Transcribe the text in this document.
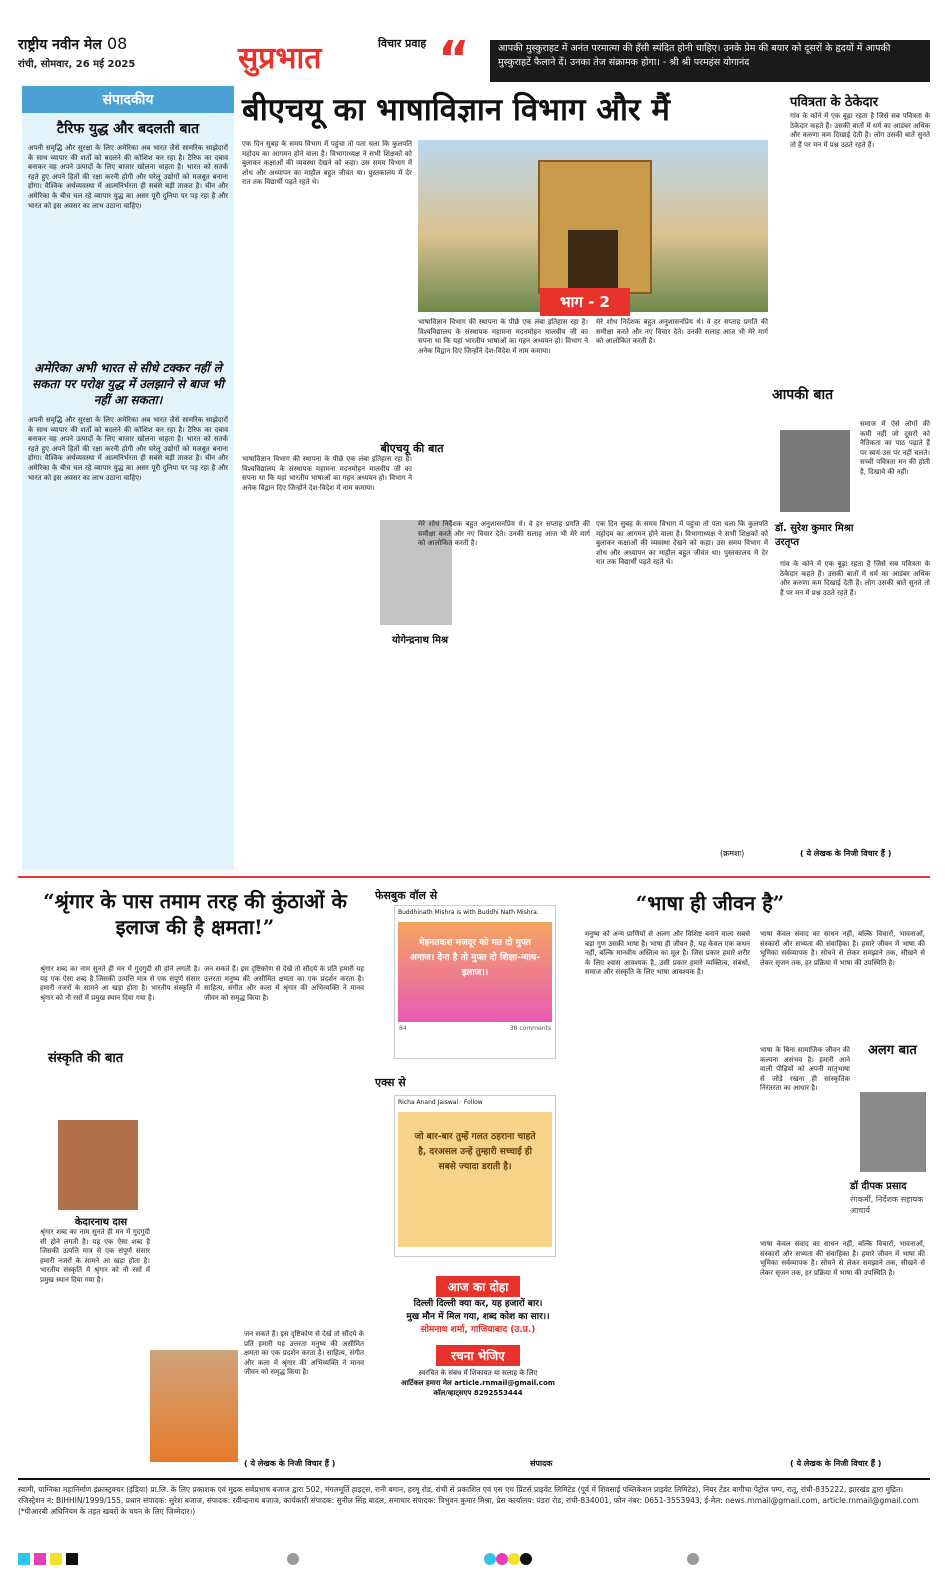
राष्ट्रीय नवीन मेल 08
रांची, सोमवार, 26 मई 2025	सुप्रभात	विचार प्रवाह “	आपकी मुस्कुराहट में अनंत परमात्मा की हँसी स्पंदित होनी चाहिए। उनके प्रेम की बयार को दूसरों के हृदयों में आपकी मुस्कुराहटें फैलाने दें। उनका तेज संक्रामक होगा। - श्री श्री परमहंस योगानंद
संपादकीय
टैरिफ युद्ध और बदलती बात
अपनी समृद्धि और सुरक्षा के लिए अमेरिका अब भारत जैसे सामरिक साझेदारों के साथ व्यापार की शर्तों को बदलने की कोशिश कर रहा है। टैरिफ का दबाव बनाकर वह अपने उत्पादों के लिए बाजार खोलना चाहता है। भारत को सतर्क रहते हुए अपने हितों की रक्षा करनी होगी और घरेलू उद्योगों को मजबूत बनाना होगा। वैश्विक अर्थव्यवस्था में आत्मनिर्भरता ही सबसे बड़ी ताकत है। चीन और अमेरिका के बीच चल रहे व्यापार युद्ध का असर पूरी दुनिया पर पड़ रहा है और भारत को इस अवसर का लाभ उठाना चाहिए।
अमेरिका अभी भारत से सीधे टक्कर नहीं ले सकता पर परोक्ष युद्ध में उलझाने से बाज भी नहीं आ सकता।
अपनी समृद्धि और सुरक्षा के लिए अमेरिका अब भारत जैसे सामरिक साझेदारों के साथ व्यापार की शर्तों को बदलने की कोशिश कर रहा है। टैरिफ का दबाव बनाकर वह अपने उत्पादों के लिए बाजार खोलना चाहता है। भारत को सतर्क रहते हुए अपने हितों की रक्षा करनी होगी और घरेलू उद्योगों को मजबूत बनाना होगा। वैश्विक अर्थव्यवस्था में आत्मनिर्भरता ही सबसे बड़ी ताकत है। चीन और अमेरिका के बीच चल रहे व्यापार युद्ध का असर पूरी दुनिया पर पड़ रहा है और भारत को इस अवसर का लाभ उठाना चाहिए।
बीएचयू का भाषाविज्ञान विभाग और मैं
एक दिन सुबह के समय विभाग में पहुंचा तो पता चला कि कुलपति महोदय का आगमन होने वाला है। विभागाध्यक्ष ने सभी शिक्षकों को बुलाकर कक्षाओं की व्यवस्था देखने को कहा। उस समय विभाग में शोध और अध्यापन का माहौल बहुत जीवंत था। पुस्तकालय में देर रात तक विद्यार्थी पढ़ते रहते थे।
भाग - 2
भाषाविज्ञान विभाग की स्थापना के पीछे एक लंबा इतिहास रहा है। विश्वविद्यालय के संस्थापक महामना मदनमोहन मालवीय जी का सपना था कि यहां भारतीय भाषाओं का गहन अध्ययन हो। विभाग ने अनेक विद्वान दिए जिन्होंने देश-विदेश में नाम कमाया।
मेरे शोध निर्देशक बहुत अनुशासनप्रिय थे। वे हर सप्ताह प्रगति की समीक्षा करते और नए विचार देते। उनकी सलाह आज भी मेरे मार्ग को आलोकित करती है।
भाषाविज्ञान विभाग की स्थापना के पीछे एक लंबा इतिहास रहा है। विश्वविद्यालय के संस्थापक महामना मदनमोहन मालवीय जी का सपना था कि यहां भारतीय भाषाओं का गहन अध्ययन हो। विभाग ने अनेक विद्वान दिए जिन्होंने देश-विदेश में नाम कमाया।
बीएचयू की बात
योगेन्द्रनाथ मिश्र
मेरे शोध निर्देशक बहुत अनुशासनप्रिय थे। वे हर सप्ताह प्रगति की समीक्षा करते और नए विचार देते। उनकी सलाह आज भी मेरे मार्ग को आलोकित करती है।
एक दिन सुबह के समय विभाग में पहुंचा तो पता चला कि कुलपति महोदय का आगमन होने वाला है। विभागाध्यक्ष ने सभी शिक्षकों को बुलाकर कक्षाओं की व्यवस्था देखने को कहा। उस समय विभाग में शोध और अध्यापन का माहौल बहुत जीवंत था। पुस्तकालय में देर रात तक विद्यार्थी पढ़ते रहते थे।
(क्रमशः)
पवित्रता के ठेकेदार
गांव के कोने में एक बूढ़ा रहता है जिसे सब पवित्रता के ठेकेदार कहते हैं। उसकी बातों में धर्म का आडंबर अधिक और करुणा कम दिखाई देती है। लोग उसकी बातें सुनते तो हैं पर मन में प्रश्न उठते रहते हैं।
आपकी बात
डॉ. सुरेश कुमार मिश्रा उरतृप्त
समाज में ऐसे लोगों की कमी नहीं जो दूसरों को नैतिकता का पाठ पढ़ाते हैं पर स्वयं उस पर नहीं चलते। सच्ची पवित्रता मन की होती है, दिखावे की नहीं।
गांव के कोने में एक बूढ़ा रहता है जिसे सब पवित्रता के ठेकेदार कहते हैं। उसकी बातों में धर्म का आडंबर अधिक और करुणा कम दिखाई देती है। लोग उसकी बातें सुनते तो हैं पर मन में प्रश्न उठते रहते हैं।
( ये लेखक के निजी विचार हैं )
“श्रृंगार के पास तमाम तरह की कुंठाओं के इलाज की है क्षमता!”
श्रृंगार शब्द का नाम सुनते ही मन में गुदगुदी सी होने लगती है। यह एक ऐसा शब्द है जिसकी उत्पत्ति मात्र से एक संपूर्ण संसार हमारी नजरों के सामने आ खड़ा होता है। भारतीय संस्कृति में श्रृंगार को नौ रसों में प्रमुख स्थान दिया गया है।
जन सकते हैं। इस दृष्टिकोण से देखें तो सौंदर्य के प्रति हमारी यह उत्तरता मनुष्य की असीमित क्षमता का एक प्रदर्शन करता है। साहित्य, संगीत और कला में श्रृंगार की अभिव्यक्ति ने मानव जीवन को समृद्ध किया है।
संस्कृति की बात
केदारनाथ दास
श्रृंगार शब्द का नाम सुनते ही मन में गुदगुदी सी होने लगती है। यह एक ऐसा शब्द है जिसकी उत्पत्ति मात्र से एक संपूर्ण संसार हमारी नजरों के सामने आ खड़ा होता है। भारतीय संस्कृति में श्रृंगार को नौ रसों में प्रमुख स्थान दिया गया है।
जन सकते हैं। इस दृष्टिकोण से देखें तो सौंदर्य के प्रति हमारी यह उत्तरता मनुष्य की असीमित क्षमता का एक प्रदर्शन करता है। साहित्य, संगीत और कला में श्रृंगार की अभिव्यक्ति ने मानव जीवन को समृद्ध किया है।
( ये लेखक के निजी विचार हैं )
फेसबुक वॉल से
Buddhinath Mishra is with Buddhi Nath Mishra.
मेहनतकश मजदूर को मत दो मुफ्त अनाज। देना है तो मुफ्त दो शिक्षा-न्याय-इलाज।।
84	38 comments
एक्स से
Richa Anand Jaiswal · Follow
जो बार-बार तुम्हें गलत ठहराना चाहते है, दरअसल उन्हें तुम्हारी सच्चाई ही सबसे ज्यादा डराती है।
आज का दोहा
दिल्ली दिल्ली क्या कर, यह हजारों बार।
मुख मौन में मिल गया, शब्द कोश का सार।।
सोमनाथ शर्मा, गाजियाबाद (उ.प्र.)
रचना भेजिए
स्वरचित के संबंध में शिकायत या सलाह के लिए
आर्टिकल हमारा मेल article.rnmail@gmail.com
कॉल/व्हाट्सएप 8292553444
संपादक
“भाषा ही जीवन है”
मनुष्य को अन्य प्राणियों से अलग और विशिष्ट बनाने वाला सबसे बड़ा गुण उसकी भाषा है। भाषा ही जीवन है, यह केवल एक कथन नहीं, बल्कि मानवीय अस्तित्व का मूल है। जिस प्रकार हमारे शरीर के लिए श्वास आवश्यक है, उसी प्रकार हमारे व्यक्तित्व, संबंधों, समाज और संस्कृति के लिए भाषा आवश्यक है।
भाषा केवल संवाद का साधन नहीं, बल्कि विचारों, भावनाओं, संस्कारों और सभ्यता की संवाहिका है। हमारे जीवन में भाषा की भूमिका सर्वव्यापक है। सोचने से लेकर समझाने तक, सीखने से लेकर सृजन तक, हर प्रक्रिया में भाषा की उपस्थिति है।
अलग बात
भाषा के बिना सामाजिक जीवन की कल्पना असंभव है। हमारी आने वाली पीढ़ियों को अपनी मातृभाषा से जोड़े रखना ही सांस्कृतिक निरंतरता का आधार है।
डॉ दीपक प्रसाद
रंगकर्मी, निर्देशक सहायक आचार्य
भाषा केवल संवाद का साधन नहीं, बल्कि विचारों, भावनाओं, संस्कारों और सभ्यता की संवाहिका है। हमारे जीवन में भाषा की भूमिका सर्वव्यापक है। सोचने से लेकर समझाने तक, सीखने से लेकर सृजन तक, हर प्रक्रिया में भाषा की उपस्थिति है।
( ये लेखक के निजी विचार हैं )
स्वामी, याग्निका महानिर्माण इंफ्रास्ट्रक्चर (इंडिया) प्रा.लि. के लिए प्रकाशक एवं मुद्रक सर्वप्रभाष बजाज द्वारा 502, मंगलमूर्ति हाइट्स, रानी बगान, हरमू रोड, रांची से प्रकाशित एवं एस एच प्रिंटर्स प्राइवेट लिमिटेड (पूर्व में शिवसाई पब्लिकेशन प्राइवेट लिमिटेड), नियर टेंडर बागीचा पेट्रोल पम्प, रातू, रांची-835222, झारखंड द्वारा मुद्रित। रजिस्ट्रेशन नं: BIHHIN/1999/155, प्रधान संपादक: सुरेश बजाज, संपादक: रवीन्द्रनाथ बजाज, कार्यकारी संपादक: सुनील सिंह बादल, समाचार संपादक: त्रिभुवन कुमार मिश्रा, प्रेस कार्यालय: पंडरा रोड, रांची-834001, फोन नंबर: 0651-3553943, ई-मेल: news.rnmail@gmail.com, article.rnmail@gmail.com
(*पीआरबी अधिनियम के तहत खबरों के चयन के लिए जिम्मेदार।)
